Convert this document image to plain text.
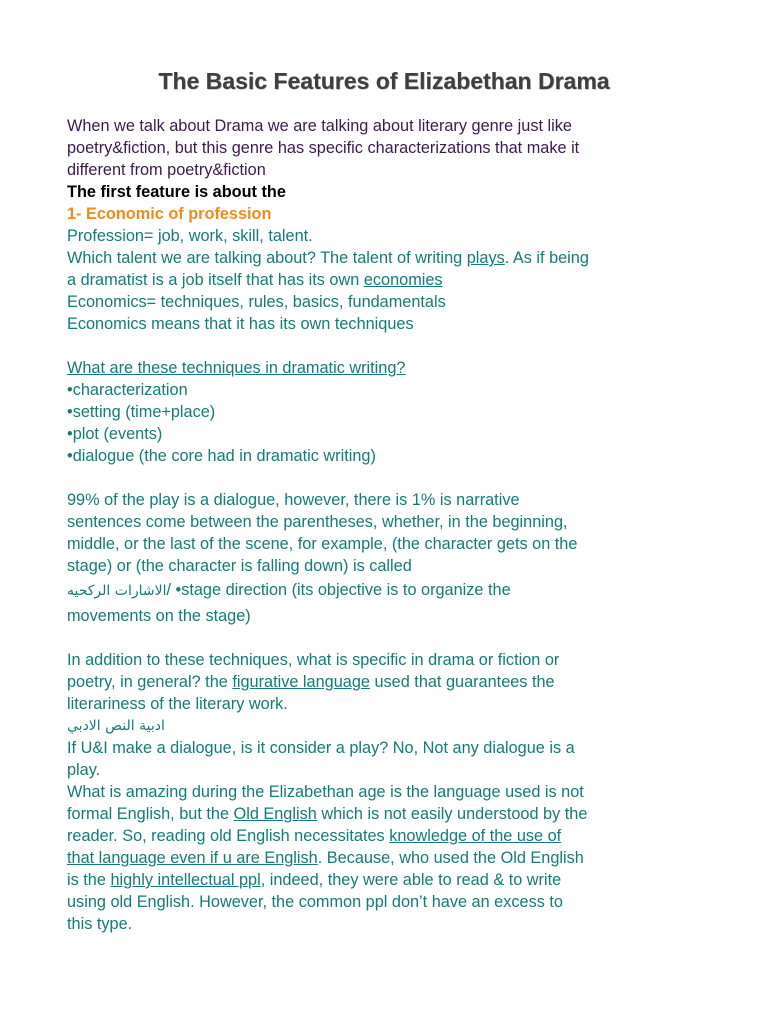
The Basic Features of Elizabethan Drama

When we talk about Drama we are talking about literary genre just like

poetry&fiction, but this genre has specific characterizations that make it

different from poetry&fiction

The first feature is about the

1- Economic of profession

Profession= job, work, skill, talent.

Which talent we are talking about? The talent of writing plays. As if being

a dramatist is a job itself that has its own economies

Economics= techniques, rules, basics, fundamentals

Economics means that it has its own techniques

What are these techniques in dramatic writing?

•characterization

•setting (time+place)

•plot (events)

•dialogue (the core had in dramatic writing)

99% of the play is a dialogue, however, there is 1% is narrative

sentences come between the parentheses, whether, in the beginning,

middle, or the last of the scene, for example, (the character gets on the

stage) or (the character is falling down) is called

الاشارات الركحيه/ •stage direction (its objective is to organize the

movements on the stage)

In addition to these techniques, what is specific in drama or fiction or

poetry, in general? the figurative language used that guarantees the

literariness of the literary work.

ادبية النص الادبي

If U&I make a dialogue, is it consider a play? No, Not any dialogue is a

play.

What is amazing during the Elizabethan age is the language used is not

formal English, but the Old English which is not easily understood by the

reader. So, reading old English necessitates knowledge of the use of

that language even if u are English. Because, who used the Old English

is the highly intellectual ppl, indeed, they were able to read & to write

using old English. However, the common ppl don’t have an excess to

this type.
